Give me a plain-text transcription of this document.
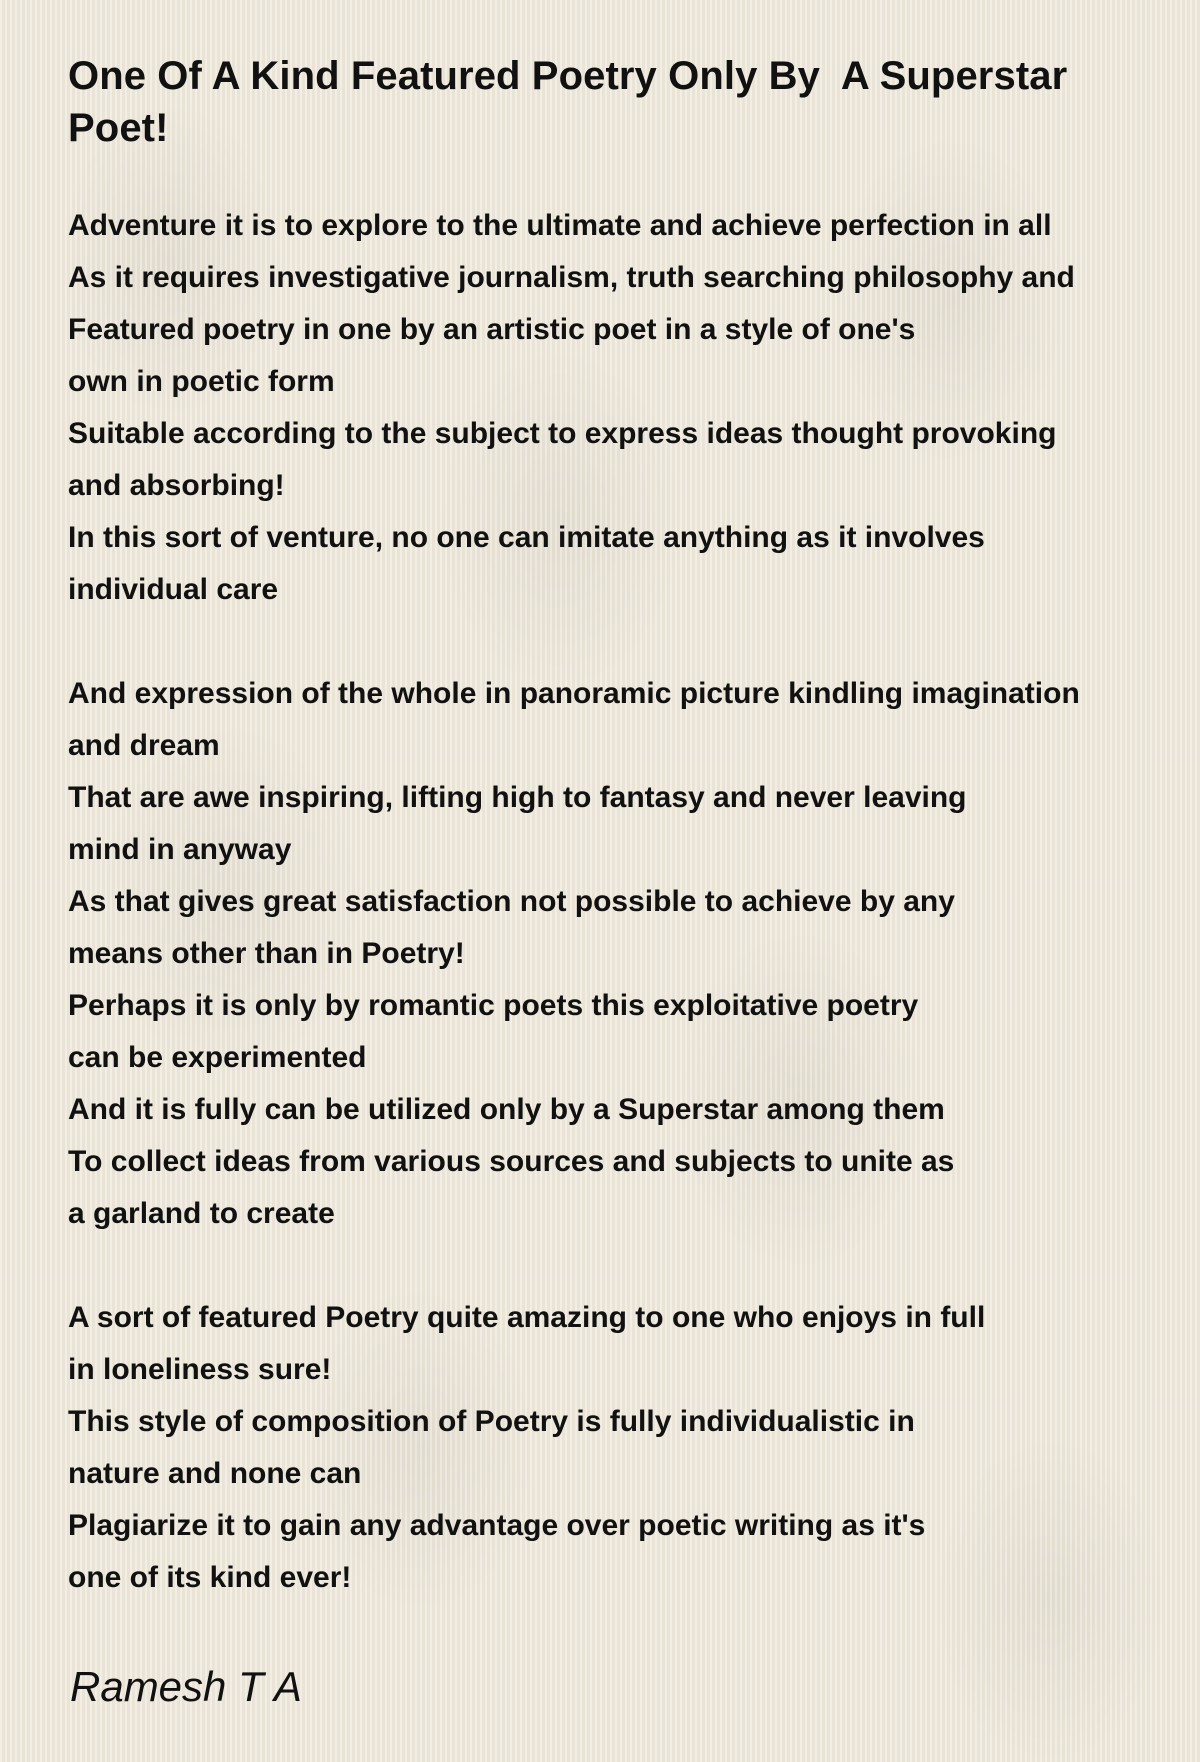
One Of A Kind Featured Poetry Only By  A Superstar Poet!
Adventure it is to explore to the ultimate and achieve perfection in all
As it requires investigative journalism, truth searching philosophy and
Featured poetry in one by an artistic poet in a style of one's
own in poetic form
Suitable according to the subject to express ideas thought provoking
and absorbing!
In this sort of venture, no one can imitate anything as it involves
individual care
And expression of the whole in panoramic picture kindling imagination
and dream
That are awe inspiring, lifting high to fantasy and never leaving
mind in anyway
As that gives great satisfaction not possible to achieve by any
means other than in Poetry!
Perhaps it is only by romantic poets this exploitative poetry
can be experimented
And it is fully can be utilized only by a Superstar among them
To collect ideas from various sources and subjects to unite as
a garland to create
A sort of featured Poetry quite amazing to one who enjoys in full
in loneliness sure!
This style of composition of Poetry is fully individualistic in
nature and none can
Plagiarize it to gain any advantage over poetic writing as it's
one of its kind ever!
Ramesh T A
